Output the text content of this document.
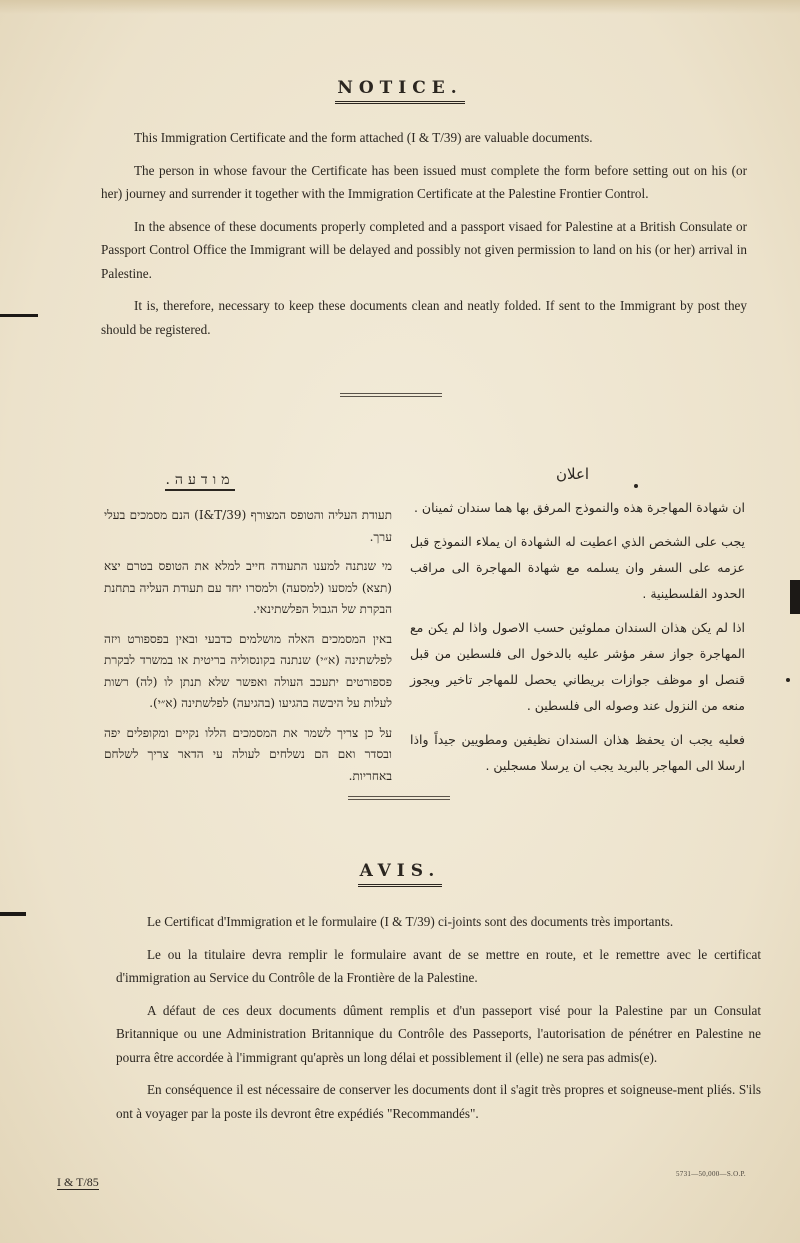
NOTICE.

This Immigration Certificate and the form attached (I & T/39) are valuable documents.

The person in whose favour the Certificate has been issued must complete the form before setting out on his (or her) journey and surrender it together with the Immigration Certificate at the Palestine Frontier Control.

In the absence of these documents properly completed and a passport visaed for Palestine at a British Consulate or Passport Control Office the Immigrant will be delayed and possibly not given permission to land on his (or her) arrival in Palestine.

It is, therefore, necessary to keep these documents clean and neatly folded. If sent to the Immigrant by post they should be registered.

מודעה.

תעודת העליה והטופס המצורף (I&T/39) הנם מסמכים בעלי ערך.

מי שנתנה למענו התעודה חייב למלא את הטופס בטרם יצא (תצא) למסעו (למסעה) ולמסרו יחד עם תעודת העליה בתחנת הבקרת של הגבול הפלשתינאי.

באין המסמכים האלה מושלמים כדבעי ובאין בפספורט ויזה לפלשתינה (א״י) שנתנה בקונסוליה בריטית או במשרד לבקרת פספורטים יתעכב העולה ואפשר שלא תנתן לו (לה) רשות לעלות על היבשה בהגיעו (בהגיעה) לפלשתינה (א״י).

על כן צריך לשמר את המסמכים הללו נקיים ומקופלים יפה ובסדר ואם הם נשלחים לעולה עי הדאר צריך לשלחם באחריות.

اعلان

ان شهادة المهاجرة هذه والنموذج المرفق بها هما سندان ثمينان .

يجب على الشخص الذي اعطيت له الشهادة ان يملاء النموذج قبل عزمه على السفر وان يسلمه مع شهادة المهاجرة الى مراقب الحدود الفلسطينية .

اذا لم يكن هذان السندان مملوئين حسب الاصول واذا لم يكن مع المهاجرة جواز سفر مؤشر عليه بالدخول الى فلسطين من قبل قنصل او موظف جوازات بريطاني يحصل للمهاجر تاخير ويجوز منعه من النزول عند وصوله الى فلسطين .

فعليه يجب ان يحفظ هذان السندان نظيفين ومطويين جيداً واذا ارسلا الى المهاجر بالبريد يجب ان يرسلا مسجلين .

AVIS.

Le Certificat d'Immigration et le formulaire (I & T/39) ci-joints sont des documents très importants.

Le ou la titulaire devra remplir le formulaire avant de se mettre en route, et le remettre avec le certificat d'immigration au Service du Contrôle de la Frontière de la Palestine.

A défaut de ces deux documents dûment remplis et d'un passeport visé pour la Palestine par un Consulat Britannique ou une Administration Britannique du Contrôle des Passeports, l'autorisation de pénétrer en Palestine ne pourra être accordée à l'immigrant qu'après un long délai et possiblement il (elle) ne sera pas admis(e).

En conséquence il est nécessaire de conserver les documents dont il s'agit très propres et soigneuse-ment pliés. S'ils ont à voyager par la poste ils devront être expédiés "Recommandés".

I & T/85
5731—50,000—S.O.P.
